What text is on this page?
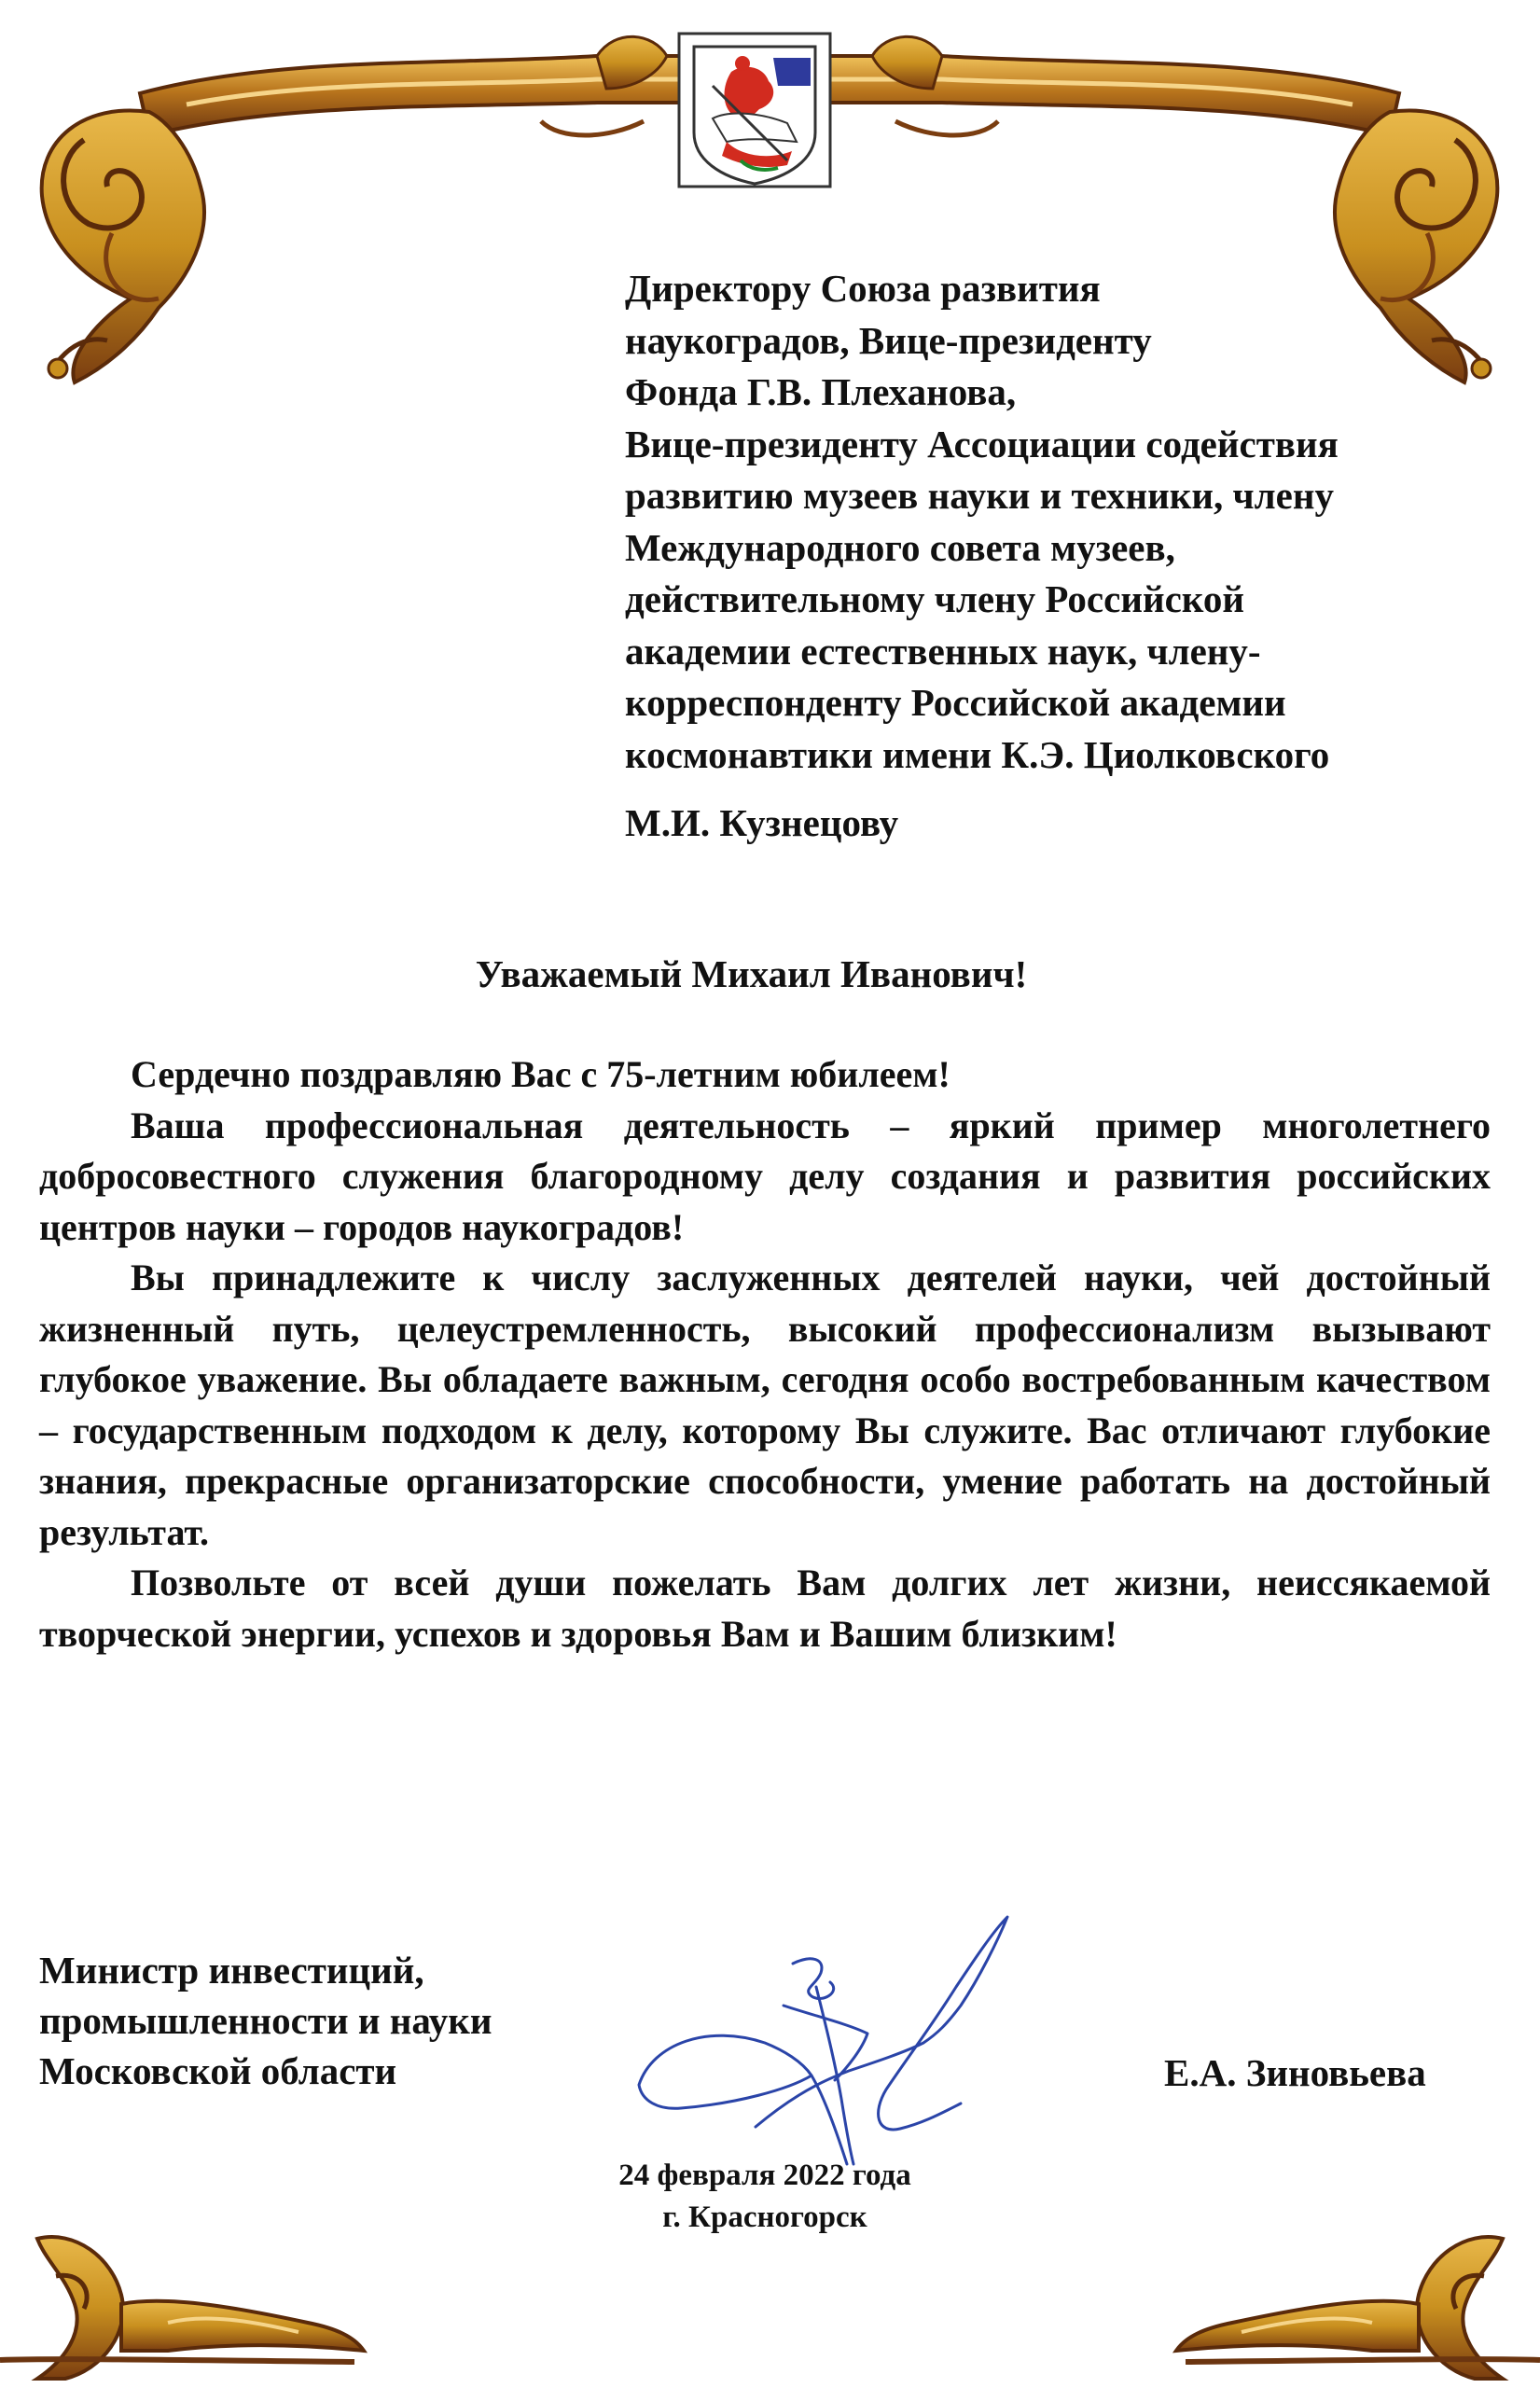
Директору Союза развития
наукоградов, Вице-президенту
Фонда Г.В. Плеханова,
Вице-президенту Ассоциации содействия
развитию музеев науки и техники, члену
Международного совета музеев,
действительному члену Российской
академии естественных наук, члену-
корреспонденту Российской академии
космонавтики имени К.Э. Циолковского
М.И. Кузнецову
Уважаемый Михаил Иванович!

Сердечно поздравляю Вас с 75-летним юбилеем!

Ваша профессиональная деятельность – яркий пример многолетнего добросовестного служения благородному делу создания и развития российских центров науки – городов наукоградов!

Вы принадлежите к числу заслуженных деятелей науки, чей достойный жизненный путь, целеустремленность, высокий профессионализм вызывают глубокое уважение. Вы обладаете важным, сегодня особо востребованным качеством – государственным подходом к делу, которому Вы служите. Вас отличают глубокие знания, прекрасные организаторские способности, умение работать на достойный результат.

Позвольте от всей души пожелать Вам долгих лет жизни, неиссякаемой творческой энергии, успехов и здоровья Вам и Вашим близким!

Министр инвестиций,
промышленности и науки
Московской области	Е.А. Зиновьева
24 февраля 2022 года
г. Красногорск
